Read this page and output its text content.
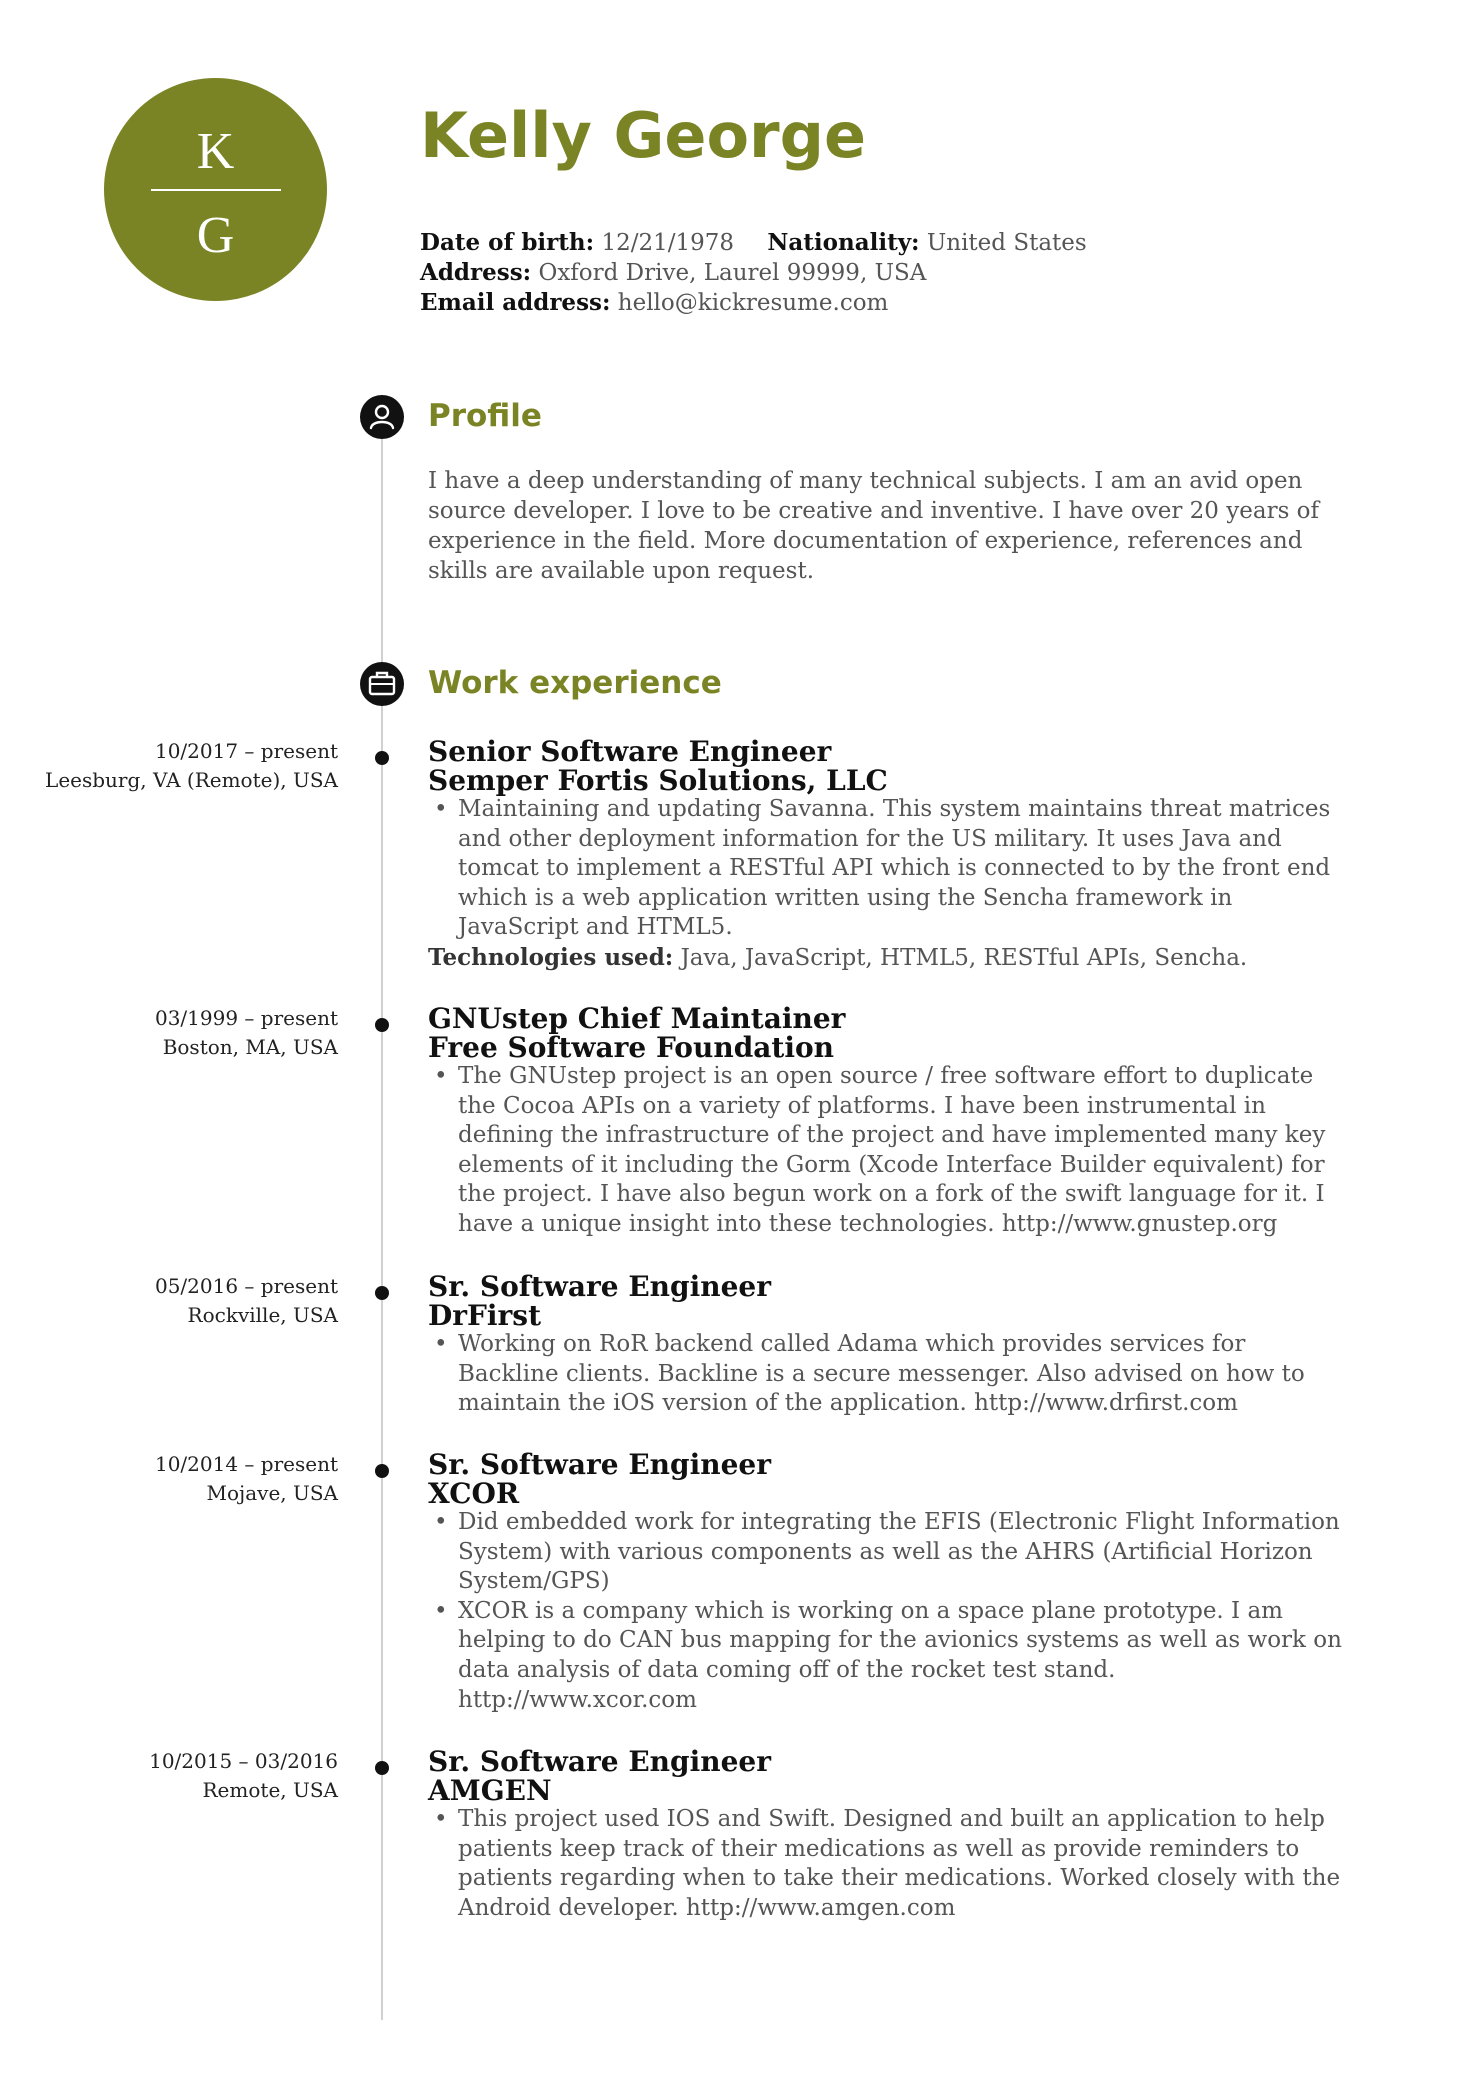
K
G
Kelly George
Date of birth: 12/21/1978 Nationality: United States
Address: Oxford Drive, Laurel 99999, USA
Email address: hello@kickresume.com
Profile

I have a deep understanding of many technical subjects. I am an avid open source developer. I love to be creative and inventive. I have over 20 years of experience in the field. More documentation of experience, references and skills are available upon request.

Work experience
10/2017 – present
Leesburg, VA (Remote), USA
Senior Software Engineer
Semper Fortis Solutions, LLC
• Maintaining and updating Savanna. This system maintains threat matrices and other deployment information for the US military. It uses Java and tomcat to implement a RESTful API which is connected to by the front end which is a web application written using the Sencha framework in JavaScript and HTML5.
Technologies used: Java, JavaScript, HTML5, RESTful APIs, Sencha.
03/1999 – present
Boston, MA, USA
GNUstep Chief Maintainer
Free Software Foundation
• The GNUstep project is an open source / free software effort to duplicate the Cocoa APIs on a variety of platforms. I have been instrumental in defining the infrastructure of the project and have implemented many key elements of it including the Gorm (Xcode Interface Builder equivalent) for the project. I have also begun work on a fork of the swift language for it. I have a unique insight into these technologies. http://www.gnustep.org
05/2016 – present
Rockville, USA
Sr. Software Engineer
DrFirst
• Working on RoR backend called Adama which provides services for Backline clients. Backline is a secure messenger. Also advised on how to maintain the iOS version of the application. http://www.drfirst.com
10/2014 – present
Mojave, USA
Sr. Software Engineer
XCOR
• Did embedded work for integrating the EFIS (Electronic Flight Information System) with various components as well as the AHRS (Artificial Horizon System/GPS)
• XCOR is a company which is working on a space plane prototype. I am helping to do CAN bus mapping for the avionics systems as well as work on data analysis of data coming off of the rocket test stand. http://www.xcor.com
10/2015 – 03/2016
Remote, USA
Sr. Software Engineer
AMGEN
• This project used IOS and Swift. Designed and built an application to help patients keep track of their medications as well as provide reminders to patients regarding when to take their medications. Worked closely with the Android developer. http://www.amgen.com
